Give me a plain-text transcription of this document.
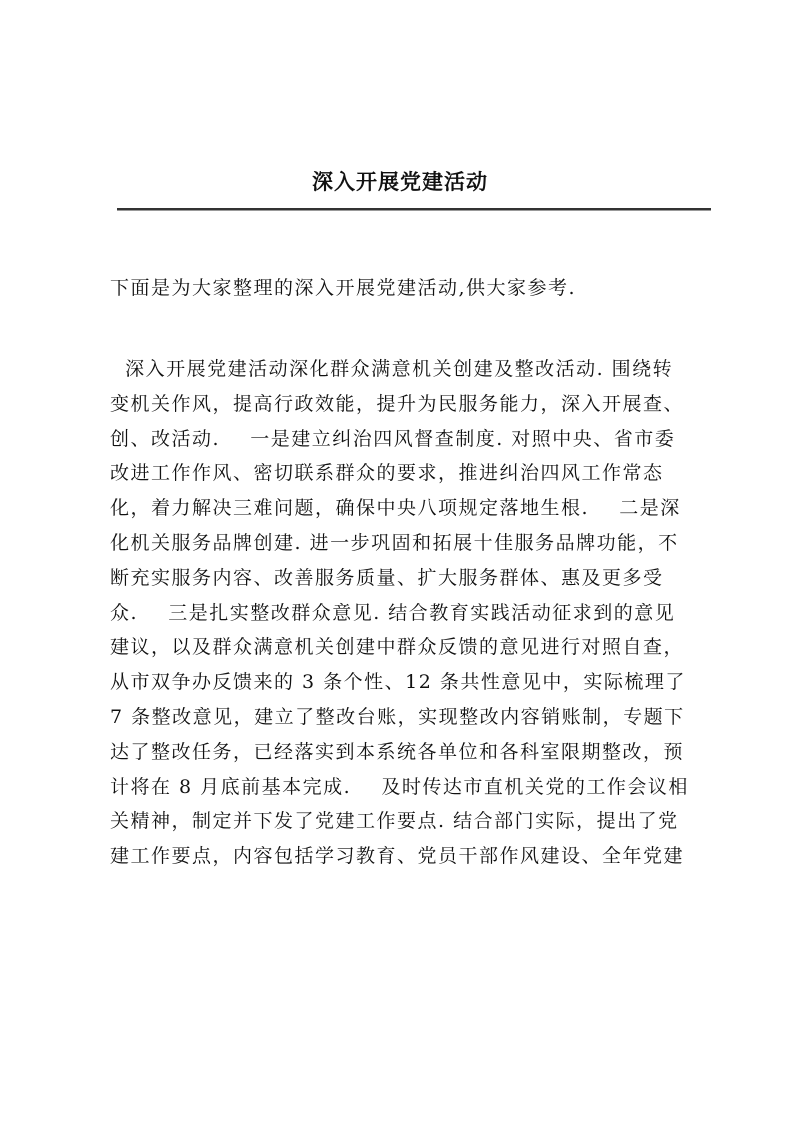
深入开展党建活动
下面是为大家整理的深入开展党建活动,供大家参考.
深入开展党建活动深化群众满意机关创建及整改活动. 围绕转
变机关作风，提高行政效能，提升为民服务能力，深入开展查、
创、改活动.    一是建立纠治四风督查制度. 对照中央、省市委
改进工作作风、密切联系群众的要求，推进纠治四风工作常态
化，着力解决三难问题，确保中央八项规定落地生根.    二是深
化机关服务品牌创建. 进一步巩固和拓展十佳服务品牌功能，不
断充实服务内容、改善服务质量、扩大服务群体、惠及更多受
众.    三是扎实整改群众意见. 结合教育实践活动征求到的意见
建议，以及群众满意机关创建中群众反馈的意见进行对照自查，
从市双争办反馈来的 3 条个性、12 条共性意见中，实际梳理了
7 条整改意见，建立了整改台账，实现整改内容销账制，专题下
达了整改任务，已经落实到本系统各单位和各科室限期整改，预
计将在 8 月底前基本完成.    及时传达市直机关党的工作会议相
关精神，制定并下发了党建工作要点. 结合部门实际，提出了党
建工作要点，内容包括学习教育、党员干部作风建设、全年党建
